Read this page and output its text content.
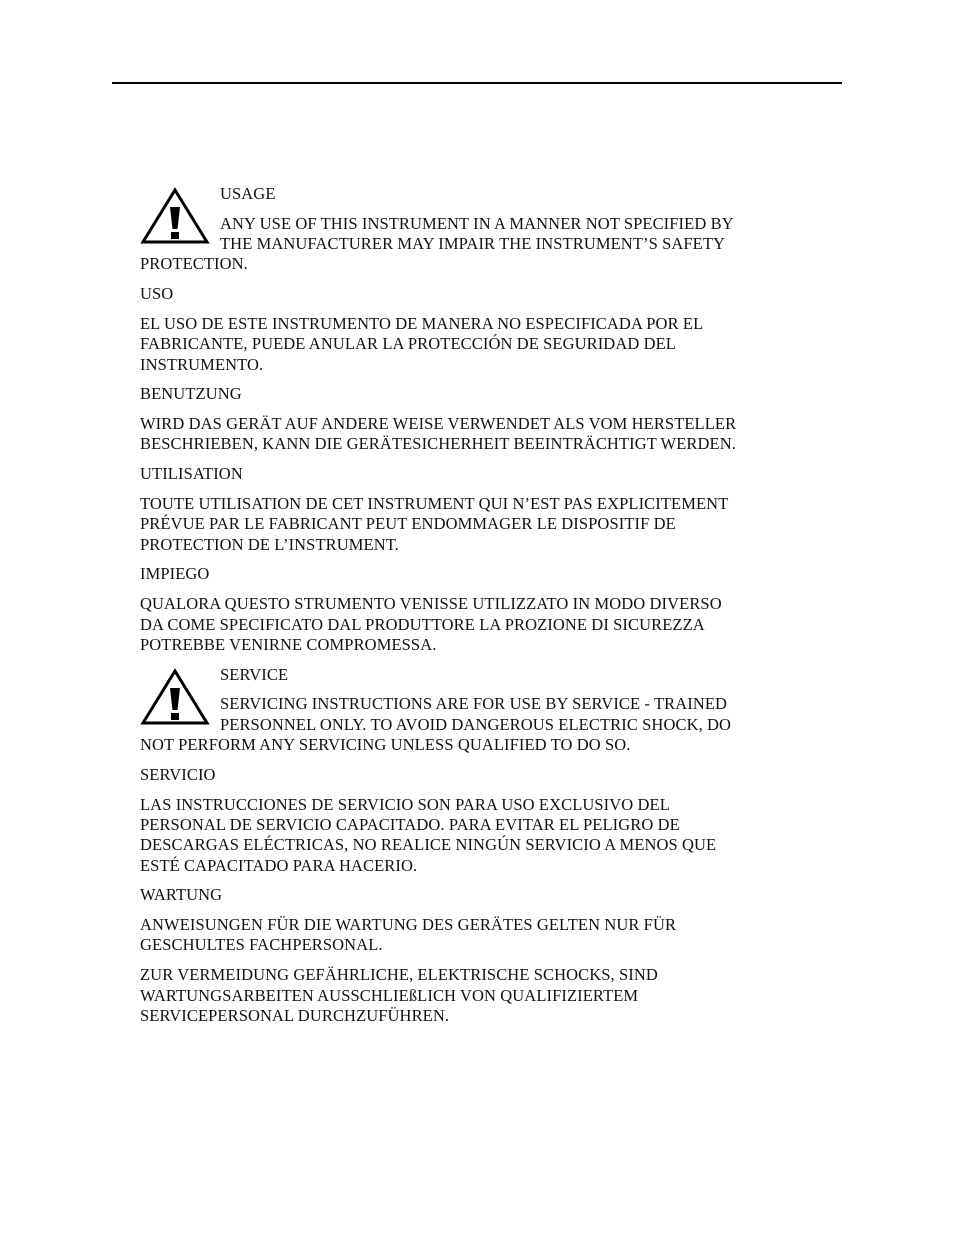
USAGE

ANY USE OF THIS INSTRUMENT IN A MANNER NOT SPECIFIED BY THE MANUFACTURER MAY IMPAIR THE INSTRUMENT’S SAFETY PROTECTION.

USO

EL USO DE ESTE INSTRUMENTO DE MANERA NO ESPECIFICADA POR EL FABRICANTE, PUEDE ANULAR LA PROTECCIÓN DE SEGURIDAD DEL INSTRUMENTO.

BENUTZUNG

WIRD DAS GERÄT AUF ANDERE WEISE VERWENDET ALS VOM HERSTELLER BESCHRIEBEN, KANN DIE GERÄTESICHERHEIT BEEINTRÄCHTIGT WERDEN.

UTILISATION

TOUTE UTILISATION DE CET INSTRUMENT QUI N’EST PAS EXPLICITEMENT PRÉVUE PAR LE FABRICANT PEUT ENDOMMAGER LE DISPOSITIF DE PROTECTION DE L’INSTRUMENT.

IMPIEGO

QUALORA QUESTO STRUMENTO VENISSE UTILIZZATO IN MODO DIVERSO DA COME SPECIFICATO DAL PRODUTTORE LA PROZIONE DI SICUREZZA POTREBBE VENIRNE COMPROMESSA.

SERVICE

SERVICING INSTRUCTIONS ARE FOR USE BY SERVICE - TRAINED PERSONNEL ONLY. TO AVOID DANGEROUS ELECTRIC SHOCK, DO NOT PERFORM ANY SERVICING UNLESS QUALIFIED TO DO SO.

SERVICIO

LAS INSTRUCCIONES DE SERVICIO SON PARA USO EXCLUSIVO DEL PERSONAL DE SERVICIO CAPACITADO. PARA EVITAR EL PELIGRO DE DESCARGAS ELÉCTRICAS, NO REALICE NINGÚN SERVICIO A MENOS QUE ESTÉ CAPACITADO PARA HACERIO.

WARTUNG

ANWEISUNGEN FÜR DIE WARTUNG DES GERÄTES GELTEN NUR FÜR GESCHULTES FACHPERSONAL.

ZUR VERMEIDUNG GEFÄHRLICHE, ELEKTRISCHE SCHOCKS, SIND WARTUNGSARBEITEN AUSSCHLIEßLICH VON QUALIFIZIERTEM SERVICEPERSONAL DURCHZUFÜHREN.
